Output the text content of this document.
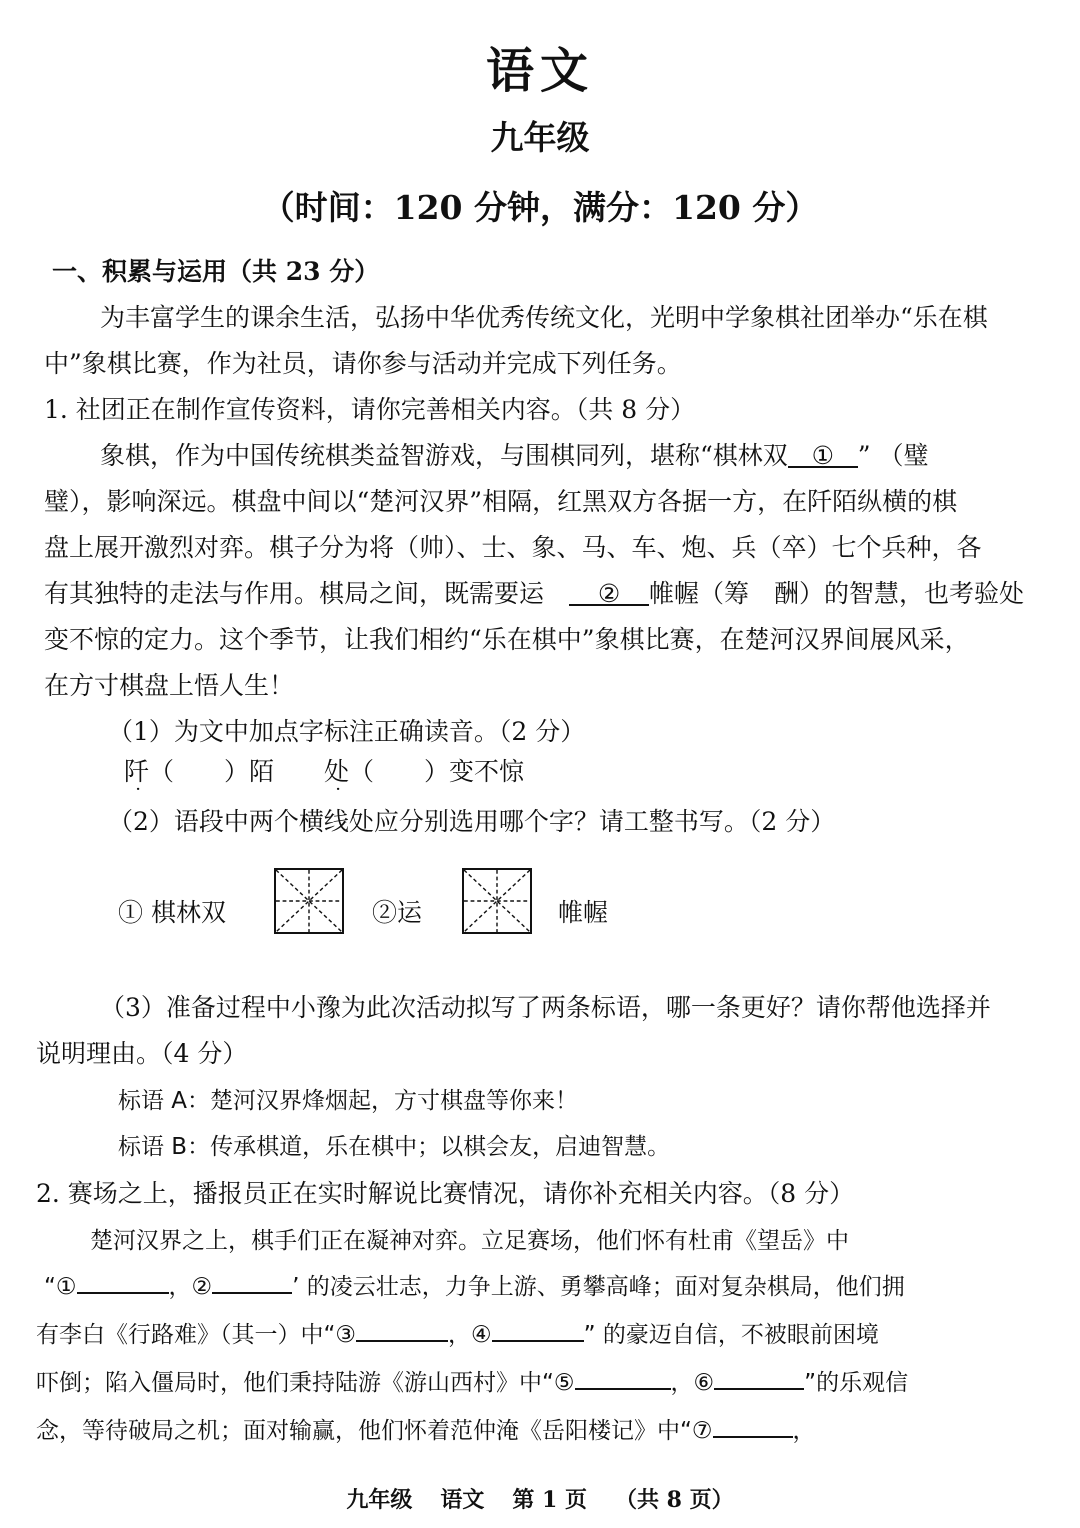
语文
九年级
（时间：120 分钟，满分：120 分）
一、积累与运用（共 23 分）
为丰富学生的课余生活，弘扬中华优秀传统文化，光明中学象棋社团举办“乐在棋
中”象棋比赛，作为社员，请你参与活动并完成下列任务。
1. 社团正在制作宣传资料，请你完善相关内容。（共 8 分）
象棋，作为中国传统棋类益智游戏，与围棋同列，堪称“棋林双 ① ” （璧
璧），影响深远。棋盘中间以“楚河汉界”相隔，红黑双方各据一方，在阡陌纵横的棋
盘上展开激烈对弈。棋子分为将（帅）、士、象、马、车、炮、兵（卒）七个兵种，各
有其独特的走法与作用。棋局之间，既需要运　 ② 帷幄（筹　酬）的智慧，也考验处
变不惊的定力。这个季节，让我们相约“乐在棋中”象棋比赛，在楚河汉界间展风采，
在方寸棋盘上悟人生！
（1）为文中加点字标注正确读音。（2 分）
阡（　　）陌 处（　　）变不惊
（2）语段中两个横线处应分别选用哪个字？请工整书写。（2 分）
① 棋林双	②运	帷幄
（3）准备过程中小豫为此次活动拟写了两条标语，哪一条更好？请你帮他选择并
说明理由。（4 分）
标语 A：楚河汉界烽烟起，方寸棋盘等你来！
标语 B：传承棋道，乐在棋中；以棋会友，启迪智慧。
2. 赛场之上，播报员正在实时解说比赛情况，请你补充相关内容。（8 分）
楚河汉界之上，棋手们正在凝神对弈。立足赛场，他们怀有杜甫《望岳》中
“①	，②	’ 的凌云壮志，力争上游、勇攀高峰；面对复杂棋局，他们拥
有李白《行路难》（其一）中“③	，④	” 的豪迈自信，不被眼前困境
吓倒；陷入僵局时，他们秉持陆游《游山西村》中“⑤	，⑥	”的乐观信
念，等待破局之机；面对输赢，他们怀着范仲淹《岳阳楼记》中“⑦	，
九年级 语文 第 1 页 （共 8 页）
